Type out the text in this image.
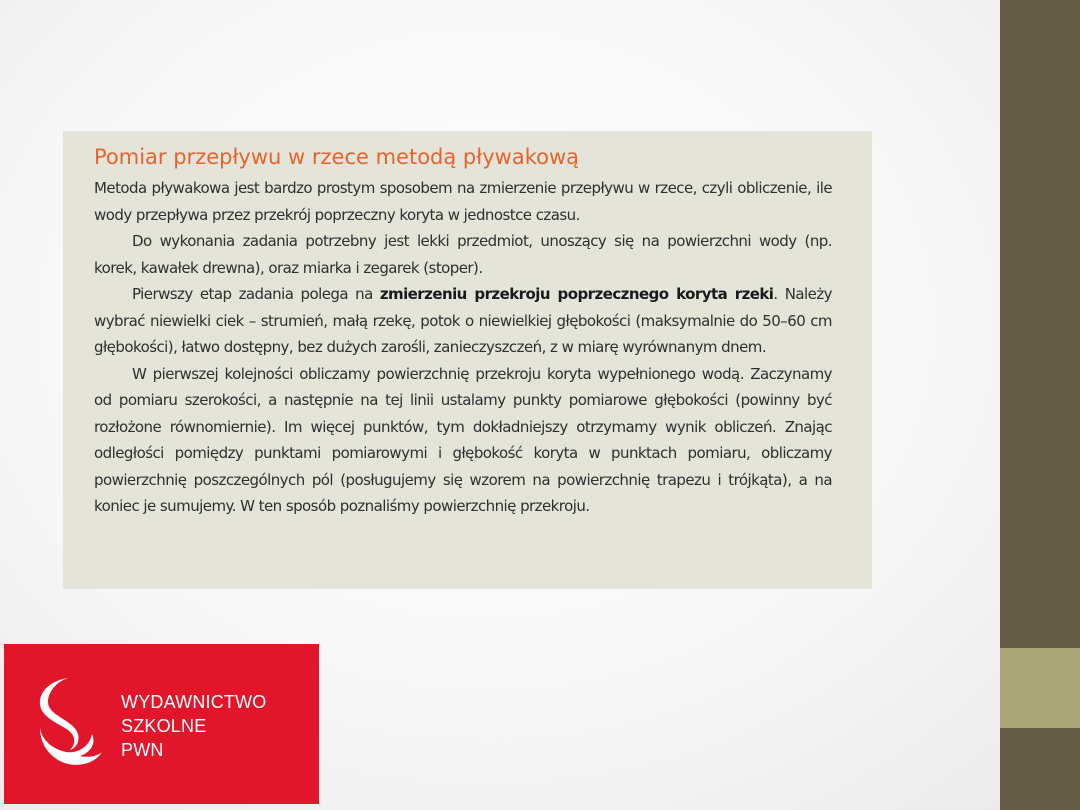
Pomiar przepływu w rzece metodą pływakową

Metoda pływakowa jest bardzo prostym sposobem na zmierzenie przepływu w rzece, czyli obliczenie, ile wody przepływa przez przekrój poprzeczny koryta w jednostce czasu.

Do wykonania zadania potrzebny jest lekki przedmiot, unoszący się na powierzchni wody (np. korek, kawałek drewna), oraz miarka i zegarek (stoper).

Pierwszy etap zadania polega na zmierzeniu przekroju poprzecznego koryta rzeki. Należy wybrać niewielki ciek – strumień, małą rzekę, potok o niewielkiej głębokości (maksymalnie do 50–60 cm głębokości), łatwo dostępny, bez dużych zarośli, zanieczyszczeń, z w miarę wyrównanym dnem.

W pierwszej kolejności obliczamy powierzchnię przekroju koryta wypełnionego wodą. Zaczynamy od pomiaru szerokości, a następnie na tej linii ustalamy punkty pomiarowe głębokości (powinny być rozłożone równomiernie). Im więcej punktów, tym dokładniejszy otrzymamy wynik obliczeń. Znając odległości pomiędzy punktami pomiarowymi i głębokość koryta w punktach pomiaru, obliczamy powierzchnię poszczególnych pól (posługujemy się wzorem na powierzchnię trapezu i trójkąta), a na koniec je sumujemy. W ten sposób poznaliśmy powierzchnię przekroju.

WYDAWNICTWO
SZKOLNE
PWN
